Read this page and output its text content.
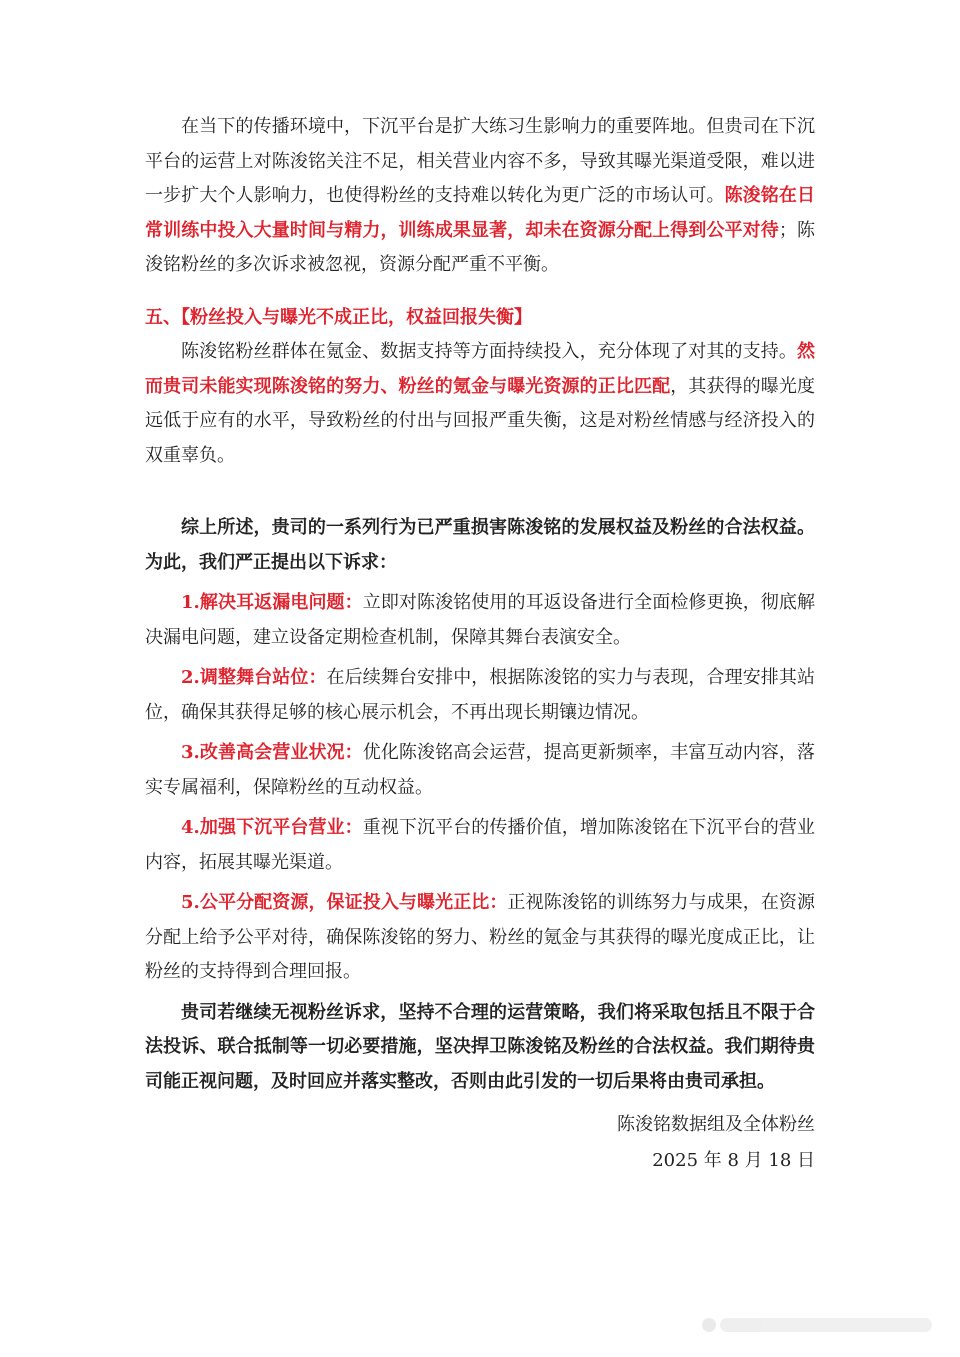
在当下的传播环境中，下沉平台是扩大练习生影响力的重要阵地。但贵司在下沉平台的运营上对陈浚铭关注不足，相关营业内容不多，导致其曝光渠道受限，难以进一步扩大个人影响力，也使得粉丝的支持难以转化为更广泛的市场认可。陈浚铭在日常训练中投入大量时间与精力，训练成果显著，却未在资源分配上得到公平对待；陈浚铭粉丝的多次诉求被忽视，资源分配严重不平衡。

五、【粉丝投入与曝光不成正比，权益回报失衡】

陈浚铭粉丝群体在氪金、数据支持等方面持续投入，充分体现了对其的支持。然而贵司未能实现陈浚铭的努力、粉丝的氪金与曝光资源的正比匹配，其获得的曝光度远低于应有的水平，导致粉丝的付出与回报严重失衡，这是对粉丝情感与经济投入的双重辜负。

综上所述，贵司的一系列行为已严重损害陈浚铭的发展权益及粉丝的合法权益。为此，我们严正提出以下诉求：

1.解决耳返漏电问题：立即对陈浚铭使用的耳返设备进行全面检修更换，彻底解决漏电问题，建立设备定期检查机制，保障其舞台表演安全。

2.调整舞台站位：在后续舞台安排中，根据陈浚铭的实力与表现，合理安排其站位，确保其获得足够的核心展示机会，不再出现长期镶边情况。

3.改善高会营业状况：优化陈浚铭高会运营，提高更新频率，丰富互动内容，落实专属福利，保障粉丝的互动权益。

4.加强下沉平台营业：重视下沉平台的传播价值，增加陈浚铭在下沉平台的营业内容，拓展其曝光渠道。

5.公平分配资源，保证投入与曝光正比：正视陈浚铭的训练努力与成果，在资源分配上给予公平对待，确保陈浚铭的努力、粉丝的氪金与其获得的曝光度成正比，让粉丝的支持得到合理回报。

贵司若继续无视粉丝诉求，坚持不合理的运营策略，我们将采取包括且不限于合法投诉、联合抵制等一切必要措施，坚决捍卫陈浚铭及粉丝的合法权益。我们期待贵司能正视问题，及时回应并落实整改，否则由此引发的一切后果将由贵司承担。

陈浚铭数据组及全体粉丝

2025 年 8 月 18 日
